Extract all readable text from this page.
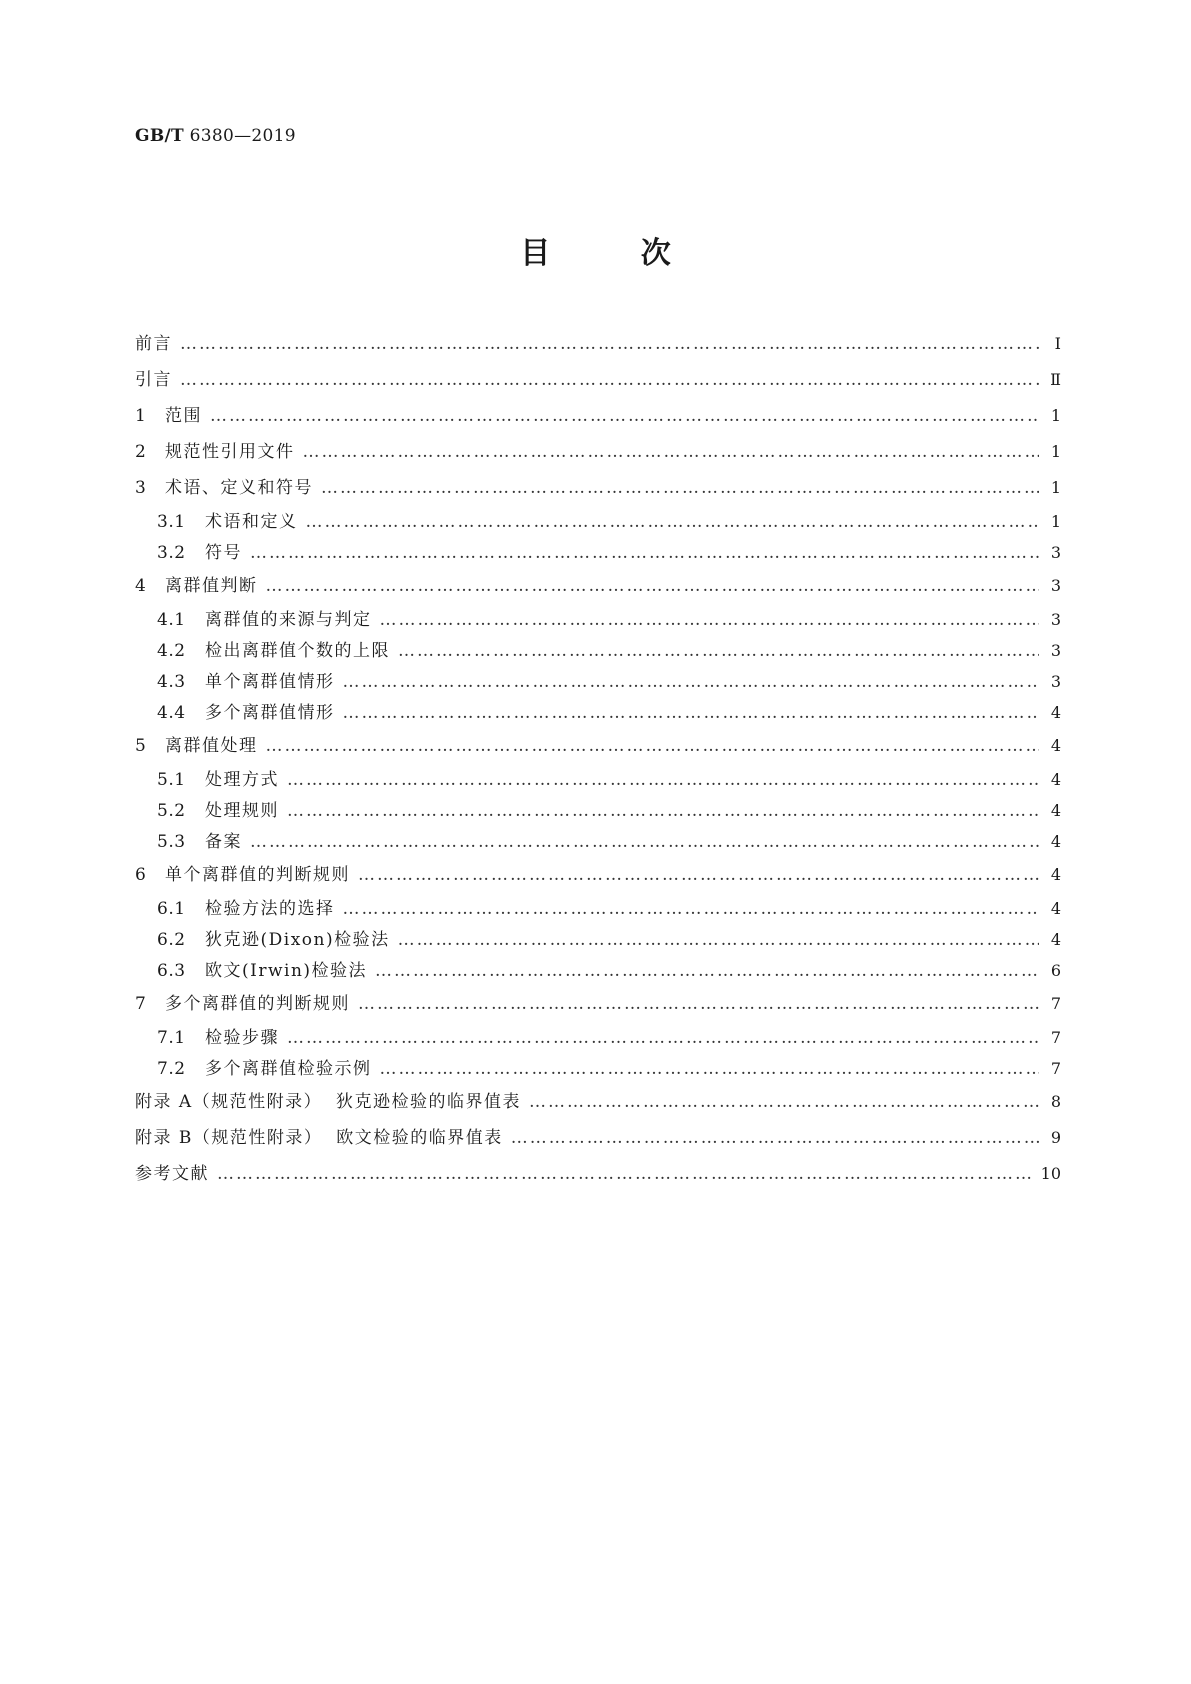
GB/T 6380—2019
目 次
前言 ……………………………………………………………………………………………………………………………………………………………………………………………	Ⅰ
引言 ……………………………………………………………………………………………………………………………………………………………………………………………	Ⅱ
1	范围 ……………………………………………………………………………………………………………………………………………………………………………………………	1
2	规范性引用文件 ……………………………………………………………………………………………………………………………………………………………………………………………	1
3	术语、定义和符号 ……………………………………………………………………………………………………………………………………………………………………………………………	1
3.1	术语和定义 ……………………………………………………………………………………………………………………………………………………………………………………………	1
3.2	符号 ……………………………………………………………………………………………………………………………………………………………………………………………	3
4	离群值判断 ……………………………………………………………………………………………………………………………………………………………………………………………	3
4.1	离群值的来源与判定 ……………………………………………………………………………………………………………………………………………………………………………………………	3
4.2	检出离群值个数的上限 ……………………………………………………………………………………………………………………………………………………………………………………………	3
4.3	单个离群值情形 ……………………………………………………………………………………………………………………………………………………………………………………………	3
4.4	多个离群值情形 ……………………………………………………………………………………………………………………………………………………………………………………………	4
5	离群值处理 ……………………………………………………………………………………………………………………………………………………………………………………………	4
5.1	处理方式 ……………………………………………………………………………………………………………………………………………………………………………………………	4
5.2	处理规则 ……………………………………………………………………………………………………………………………………………………………………………………………	4
5.3	备案 ……………………………………………………………………………………………………………………………………………………………………………………………	4
6	单个离群值的判断规则 ……………………………………………………………………………………………………………………………………………………………………………………………	4
6.1	检验方法的选择 ……………………………………………………………………………………………………………………………………………………………………………………………	4
6.2	狄克逊(Dixon)检验法 ……………………………………………………………………………………………………………………………………………………………………………………………	4
6.3	欧文(Irwin)检验法 ……………………………………………………………………………………………………………………………………………………………………………………………	6
7	多个离群值的判断规则 ……………………………………………………………………………………………………………………………………………………………………………………………	7
7.1	检验步骤 ……………………………………………………………………………………………………………………………………………………………………………………………	7
7.2	多个离群值检验示例 ……………………………………………………………………………………………………………………………………………………………………………………………	7
附录 A（规范性附录）  狄克逊检验的临界值表 ……………………………………………………………………………………………………………………………………………………………………………………………	8
附录 B（规范性附录）  欧文检验的临界值表 ……………………………………………………………………………………………………………………………………………………………………………………………	9
参考文献 ……………………………………………………………………………………………………………………………………………………………………………………………	10
